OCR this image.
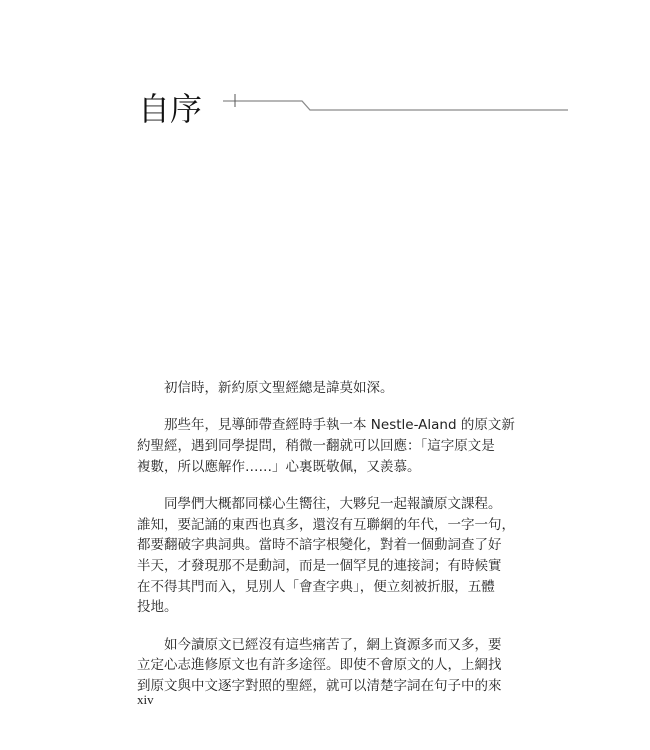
自序
初信時，新約原文聖經總是諱莫如深。
那些年，見導師帶查經時手執一本 Nestle-Aland 的原文新
約聖經，遇到同學提問，稍微一翻就可以回應：「這字原文是
複數，所以應解作……」心裏既敬佩，又羨慕。
同學們大概都同樣心生嚮往，大夥兒一起報讀原文課程。
誰知，要記誦的東西也真多，還沒有互聯網的年代，一字一句，
都要翻破字典詞典。當時不諳字根變化，對着一個動詞查了好
半天，才發現那不是動詞，而是一個罕見的連接詞；有時候實
在不得其門而入，見別人「會查字典」，便立刻被折服，五體
投地。
如今讀原文已經沒有這些痛苦了，網上資源多而又多，要
立定心志進修原文也有許多途徑。即使不會原文的人，上網找
到原文與中文逐字對照的聖經，就可以清楚字詞在句子中的來
xiv
